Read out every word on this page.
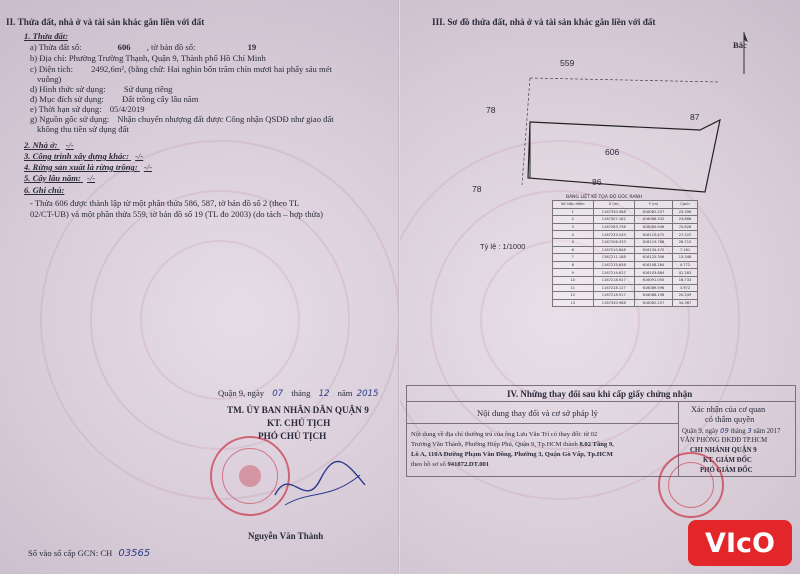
II. Thửa đất, nhà ở và tài sản khác gắn liền với đất
1. Thửa đất:
a) Thửa đất số:	606 , tờ bản đồ số:	19
b) Địa chỉ: Phường Trường Thạnh, Quận 9, Thành phố Hồ Chí Minh
c) Diện tích: 2492,6m², (bằng chữ: Hai nghìn bốn trăm chín mươi hai phẩy sáu mét
vuông)
d) Hình thức sử dụng: Sử dụng riêng
đ) Mục đích sử dụng: Đất trồng cây lâu năm
e) Thời hạn sử dụng: 05/4/2019
g) Nguồn gốc sử dụng: Nhận chuyển nhượng đất được Công nhận QSDĐ như giao đất
không thu tiền sử dụng đất
2. Nhà ở: -/-
3. Công trình xây dựng khác: -/-
4. Rừng sản xuất là rừng trồng: -/-
5. Cây lâu năm: -/-
6. Ghi chú:
- Thửa 606 được thành lập từ một phần thửa 586, 587, tờ bản đồ số 2 (theo TL
02/CT-UB) và một phần thửa 559, tờ bản đồ số 19 (TL đo 2003) (do tách – hợp thửa)
Quận 9, ngày 07 tháng 12 năm 2015
TM. ỦY BAN NHÂN DÂN QUẬN 9
KT. CHỦ TỊCH
PHÓ CHỦ TỊCH
Nguyễn Văn Thành
Số vào sổ cấp GCN: CH 03565
III. Sơ đồ thửa đất, nhà ở và tài sản khác gắn liền với đất
Bắc
559
78
87
606
78
86
Tỷ lệ : 1/1000
BẢNG LIỆT KÊ TỌA ĐỘ GÓC RANH
Số hiệu điểm	X (m)	Y (m)	Cạnh
1	1167330.968	616082.257	23.396
2	1167307.182	616086.332	23.868
3	1167283.736	616084.946	70.828
4	1167233.249	616115.472	27.522
5	1167206.333	616119.768	26.715
6	1167210.848	616134.470	7.161
7	1167211.188	616125.306	13.348
8	1167215.658	616108.284	4.772
9	1167214.617	616103.884	41.283
10	1167218.927	616091.050	16.733
11	1167218.127	616089.596	3.972
12	1167218.917	616086.198	20.249
13	1167330.968	616082.257	34.367
IV. Những thay đổi sau khi cấp giấy chứng nhận
Nội dung thay đổi và cơ sở pháp lý
Nội dung về địa chỉ thường trú của ông Lưu Văn Trí có thay đổi: từ 02
Trương Văn Thành, Phường Hiệp Phú, Quận 9, Tp.HCM thành 8.02 Tầng 9,
Lô A, 110A Đường Phạm Văn Đồng, Phường 3, Quận Gò Vấp, Tp.HCM
theo hồ sơ số 941872.DT.001
Xác nhận của cơ quan
có thẩm quyền
Quận 9, ngày 09 tháng 3 năm 2017
VĂN PHÒNG ĐKĐĐ TP.HCM
CHI NHÁNH QUẬN 9
KT. GIÁM ĐỐC
PHÓ GIÁM ĐỐC
VIcO
